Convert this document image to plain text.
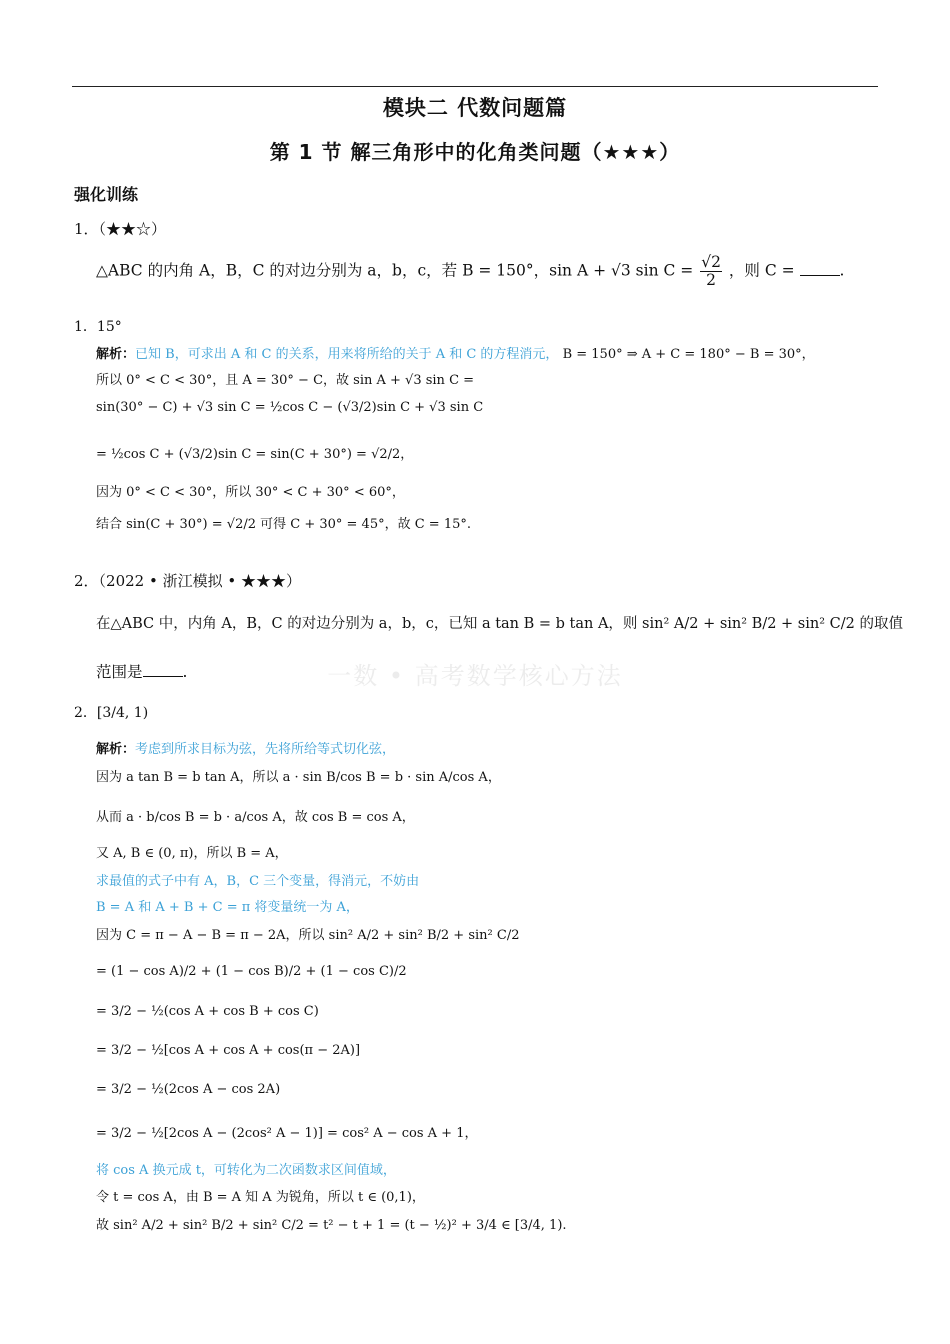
模块二 代数问题篇
第 1 节 解三角形中的化角类问题（★★★）
强化训练
一数 • 高考数学核心方法
1．（★★☆）
△ABC 的内角 A，B，C 的对边分别为 a，b，c，若 B = 150°，sin A + √3 $\sin C = \frac{√2}{2}$ ，则 C =	.
1．15°
解析：已知 B，可求出 A 和 C 的关系，用来将所给的关于 A 和 C 的方程消元， B = 150° ⇒ A + C = 180° − B = 30°，
所以 0° < C < 30°，且 A = 30° − C，故 sin A + √3 sin C =
sin(30° − C) + √3 sin C = ½cos C − (√3/2)sin C + √3 sin C
= ½cos C + (√3/2)sin C = sin(C + 30°) = √2/2，
因为 0° < C < 30°，所以 30° < C + 30° < 60°，
结合 sin(C + 30°) = √2/2 可得 C + 30° = 45°，故 C = 15°.
2．（2022 • 浙江模拟 • ★★★）
在△ABC 中，内角 A，B，C 的对边分别为 a，b，c，已知 a tan B = b tan A，则 sin² A/2 + sin² B/2 + sin² C/2 的取值
范围是	.
2．[3/4, 1)
解析：考虑到所求目标为弦，先将所给等式切化弦，
因为 a tan B = b tan A，所以 a · sin B/cos B = b · sin A/cos A，
从而 a · b/cos B = b · a/cos A，故 cos B = cos A，
又 A, B ∈ (0, π)，所以 B = A，
求最值的式子中有 A，B，C 三个变量，得消元，不妨由
B = A 和 A + B + C = π 将变量统一为 A，
因为 C = π − A − B = π − 2A，所以 sin² A/2 + sin² B/2 + sin² C/2
= (1 − cos A)/2 + (1 − cos B)/2 + (1 − cos C)/2
= 3/2 − ½(cos A + cos B + cos C)
= 3/2 − ½[cos A + cos A + cos(π − 2A)]
= 3/2 − ½(2cos A − cos 2A)
= 3/2 − ½[2cos A − (2cos² A − 1)] = cos² A − cos A + 1，
将 cos A 换元成 t，可转化为二次函数求区间值域，
令 t = cos A，由 B = A 知 A 为锐角，所以 t ∈ (0,1)，
故 sin² A/2 + sin² B/2 + sin² C/2 = t² − t + 1 = (t − ½)² + 3/4 ∈ [3/4, 1).
